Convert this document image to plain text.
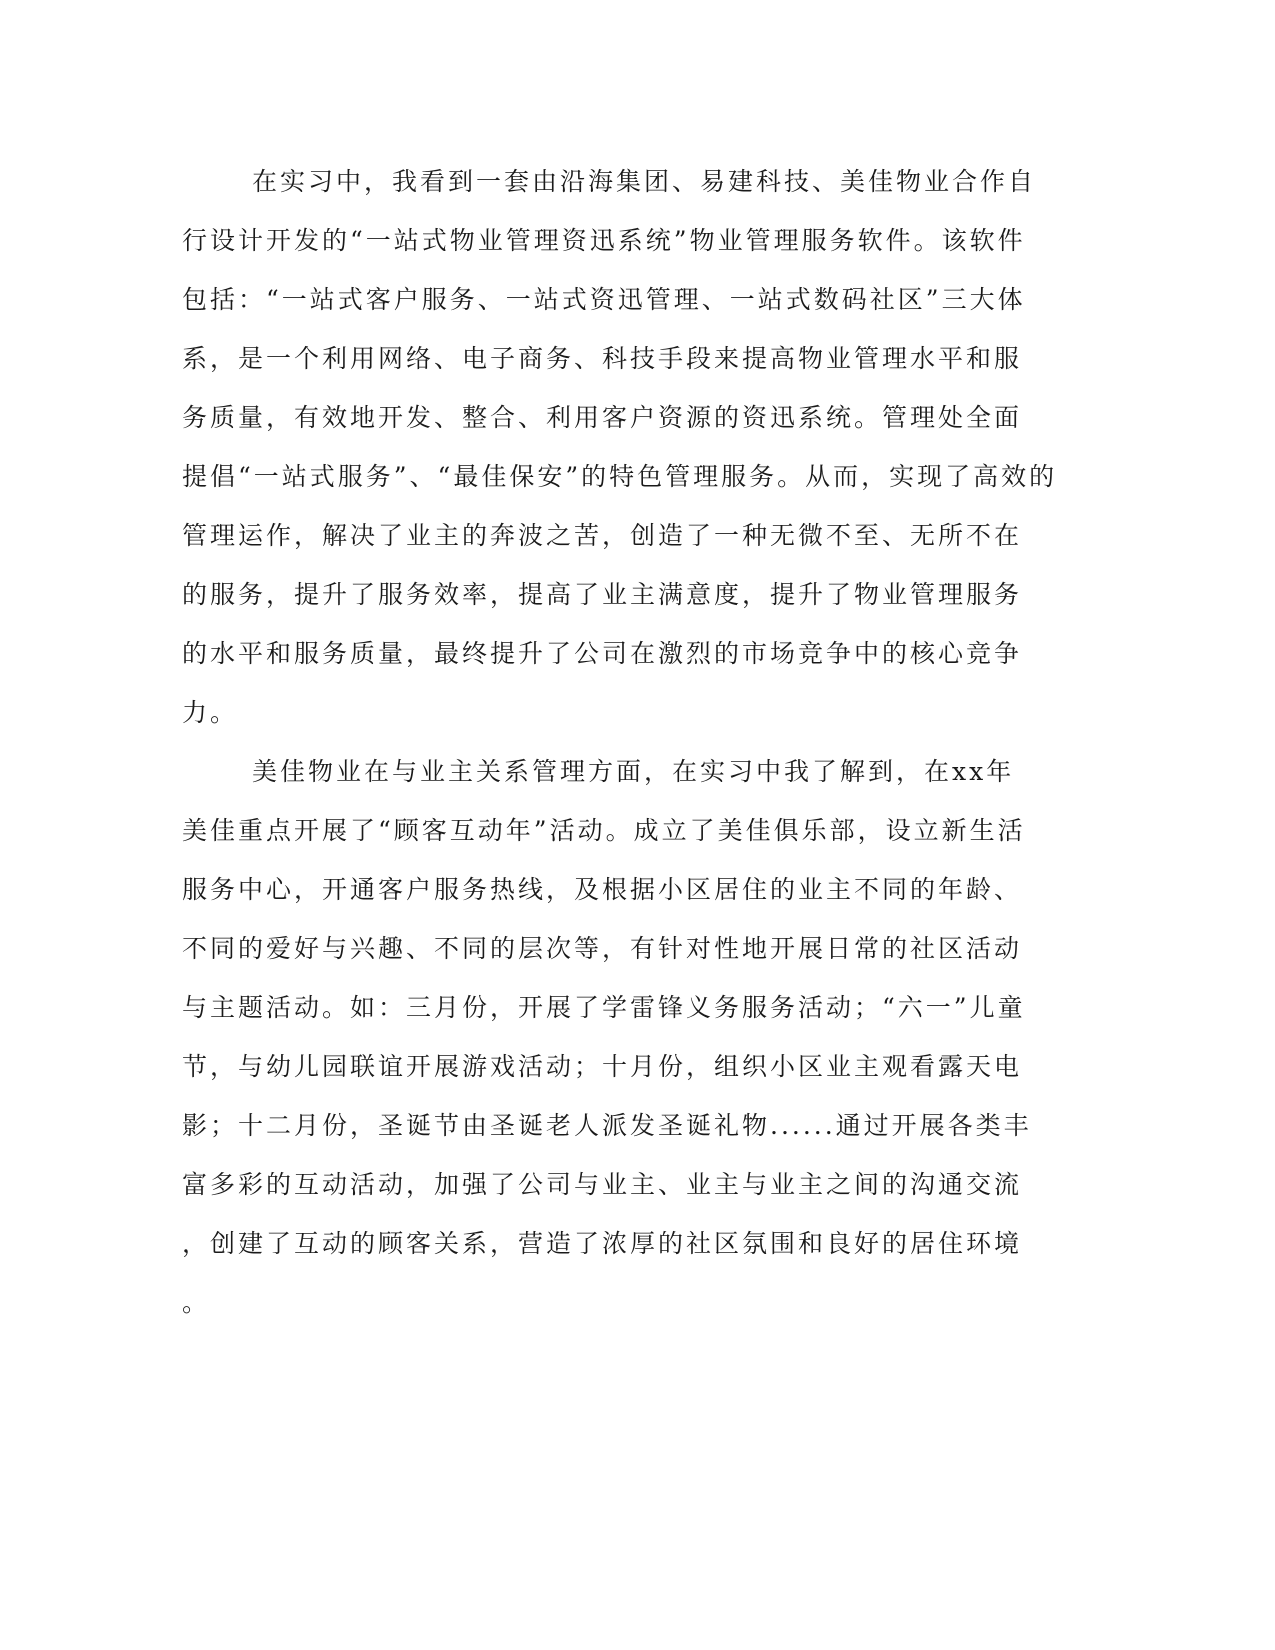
在实习中，我看到一套由沿海集团、易建科技、美佳物业合作自

行设计开发的“一站式物业管理资迅系统”物业管理服务软件。该软件

包括：“一站式客户服务、一站式资迅管理、一站式数码社区”三大体

系，是一个利用网络、电子商务、科技手段来提高物业管理水平和服

务质量，有效地开发、整合、利用客户资源的资迅系统。管理处全面

提倡“一站式服务”、“最佳保安”的特色管理服务。从而，实现了高效的

管理运作，解决了业主的奔波之苦，创造了一种无微不至、无所不在

的服务，提升了服务效率，提高了业主满意度，提升了物业管理服务

的水平和服务质量，最终提升了公司在激烈的市场竞争中的核心竞争

力。

美佳物业在与业主关系管理方面，在实习中我了解到，在xx年

美佳重点开展了“顾客互动年”活动。成立了美佳俱乐部，设立新生活

服务中心，开通客户服务热线，及根据小区居住的业主不同的年龄、

不同的爱好与兴趣、不同的层次等，有针对性地开展日常的社区活动

与主题活动。如：三月份，开展了学雷锋义务服务活动；“六一”儿童

节，与幼儿园联谊开展游戏活动；十月份，组织小区业主观看露天电

影；十二月份，圣诞节由圣诞老人派发圣诞礼物......通过开展各类丰

富多彩的互动活动，加强了公司与业主、业主与业主之间的沟通交流

，创建了互动的顾客关系，营造了浓厚的社区氛围和良好的居住环境

。
